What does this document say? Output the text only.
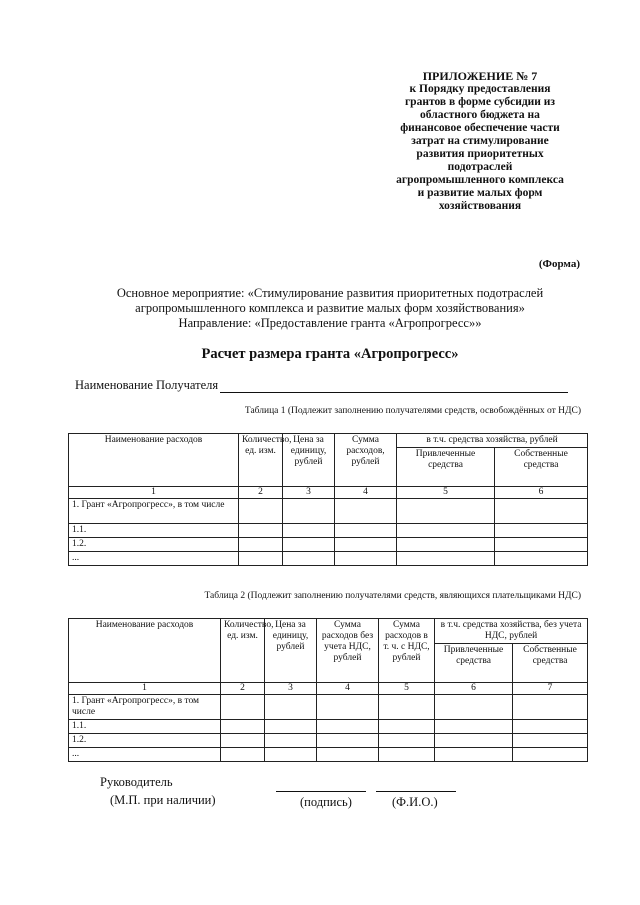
ПРИЛОЖЕНИЕ № 7
к Порядку предоставления
грантов в форме субсидии из
областного бюджета на
финансовое обеспечение части
затрат на стимулирование
развития приоритетных
подотраслей
агропромышленного комплекса
и развитие малых форм
хозяйствования
(Форма)
Основное мероприятие: «Стимулирование развития приоритетных подотраслей
агропромышленного комплекса и развитие малых форм хозяйствования»
Направление: «Предоставление гранта «Агропрогресс»»
Расчет размера гранта «Агропрогресс»
Наименование Получателя
Таблица 1 (Подлежит заполнению получателями средств, освобождённых от НДС)
Наименование расходов	Количество, ед. изм.	Цена за единицу, рублей	Сумма расходов, рублей	в т.ч. средства хозяйства, рублей	
				Привлеченные средства	Собственные средства
1	2	3	4	5	6
1. Грант «Агропрогресс», в том числе					
1.1.					
1.2.					
...					
Таблица 2 (Подлежит заполнению получателями средств, являющихся плательщиками НДС)
Наименование расходов	Количество, ед. изм.	Цена за единицу, рублей	Сумма расходов без учета НДС, рублей	Сумма расходов в т. ч. с НДС, рублей	в т.ч. средства хозяйства, без учета НДС, рублей	
					Привлеченные средства	Собственные средства
1	2	3	4	5	6	7
1. Грант «Агропрогресс», в том числе						
1.1.						
1.2.						
...						
Руководитель
(М.П. при наличии)	(подпись)	(Ф.И.О.)
